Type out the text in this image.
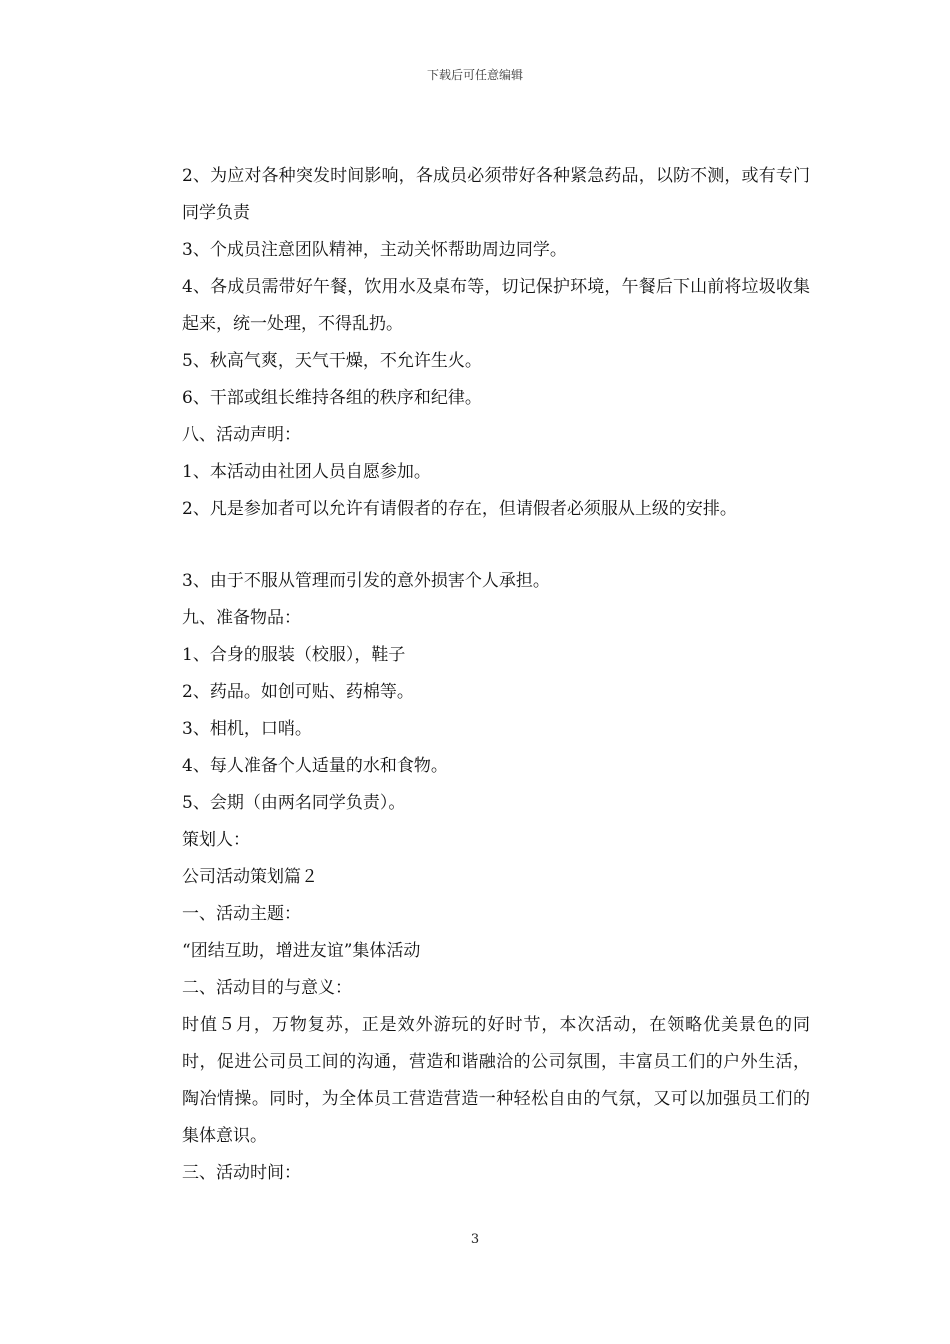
下载后可任意编辑

2、为应对各种突发时间影响，各成员必须带好各种紧急药品，以防不测，或有专门同学负责

3、个成员注意团队精神，主动关怀帮助周边同学。

4、各成员需带好午餐，饮用水及桌布等，切记保护环境，午餐后下山前将垃圾收集起来，统一处理，不得乱扔。

5、秋高气爽，天气干燥，不允许生火。

6、干部或组长维持各组的秩序和纪律。

八、活动声明：

1、本活动由社团人员自愿参加。

2、凡是参加者可以允许有请假者的存在，但请假者必须服从上级的安排。

3、由于不服从管理而引发的意外损害个人承担。

九、准备物品：

1、合身的服装（校服），鞋子

2、药品。如创可贴、药棉等。

3、相机，口哨。

4、每人准备个人适量的水和食物。

5、会期（由两名同学负责）。

策划人：

公司活动策划篇２

一、活动主题：

“团结互助，增进友谊”集体活动

二、活动目的与意义：

时值５月，万物复苏，正是效外游玩的好时节，本次活动，在领略优美景色的同时，促进公司员工间的沟通，营造和谐融洽的公司氛围，丰富员工们的户外生活，陶冶情操。同时，为全体员工营造营造一种轻松自由的气氛，又可以加强员工们的集体意识。

三、活动时间：

3
